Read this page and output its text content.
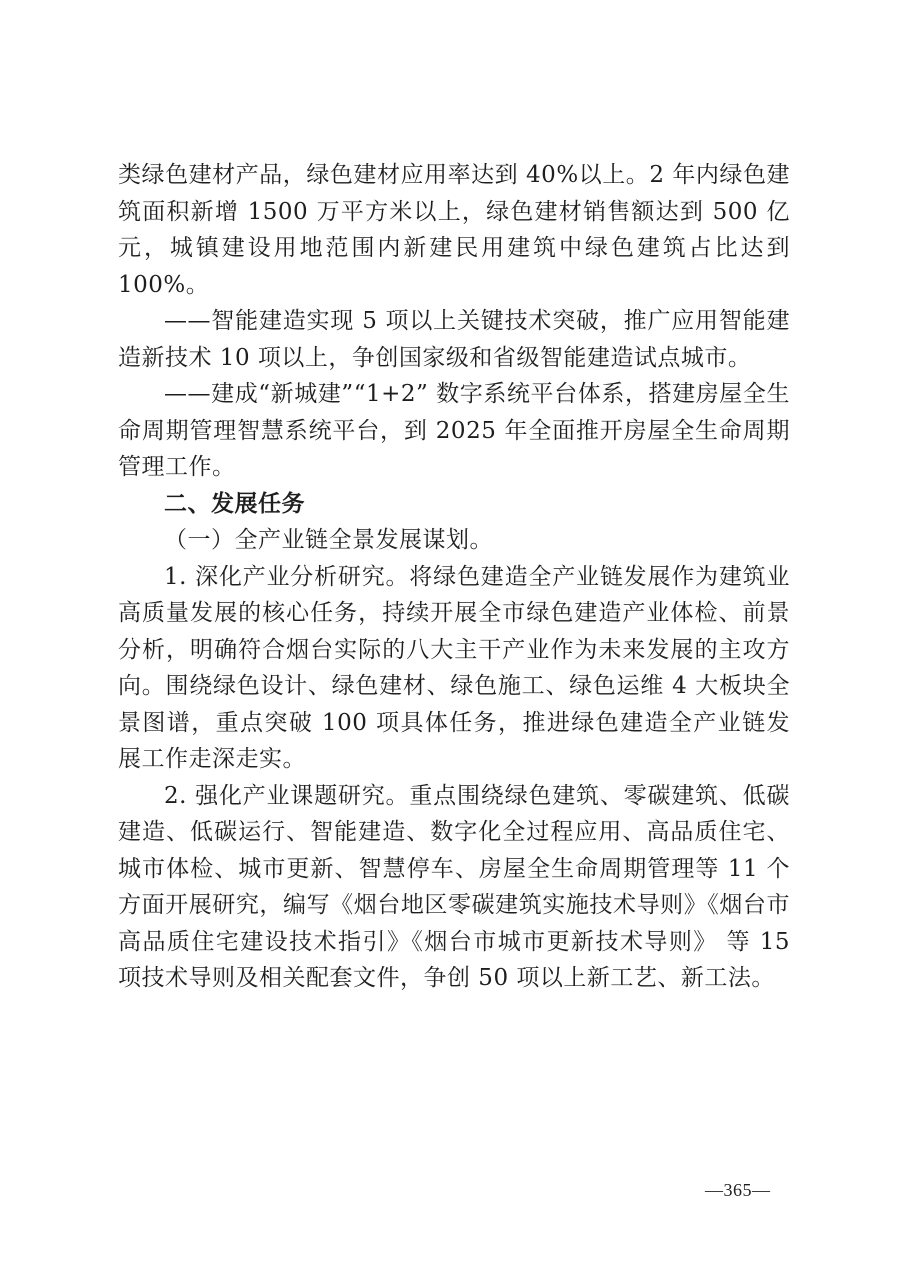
类绿色建材产品，绿色建材应用率达到 40%以上。2 年内绿色建筑面积新增 1500 万平方米以上，绿色建材销售额达到 500 亿元，城镇建设用地范围内新建民用建筑中绿色建筑占比达到 100%。

——智能建造实现 5 项以上关键技术突破，推广应用智能建造新技术 10 项以上，争创国家级和省级智能建造试点城市。

——建成“新城建”“1+2” 数字系统平台体系，搭建房屋全生命周期管理智慧系统平台，到 2025 年全面推开房屋全生命周期管理工作。

二、发展任务

（一）全产业链全景发展谋划。

1. 深化产业分析研究。将绿色建造全产业链发展作为建筑业高质量发展的核心任务，持续开展全市绿色建造产业体检、前景分析，明确符合烟台实际的八大主干产业作为未来发展的主攻方向。围绕绿色设计、绿色建材、绿色施工、绿色运维 4 大板块全景图谱，重点突破 100 项具体任务，推进绿色建造全产业链发展工作走深走实。

2. 强化产业课题研究。重点围绕绿色建筑、零碳建筑、低碳建造、低碳运行、智能建造、数字化全过程应用、高品质住宅、城市体检、城市更新、智慧停车、房屋全生命周期管理等 11 个方面开展研究，编写《烟台地区零碳建筑实施技术导则》《烟台市高品质住宅建设技术指引》《烟台市城市更新技术导则》 等 15 项技术导则及相关配套文件，争创 50 项以上新工艺、新工法。

—365—
